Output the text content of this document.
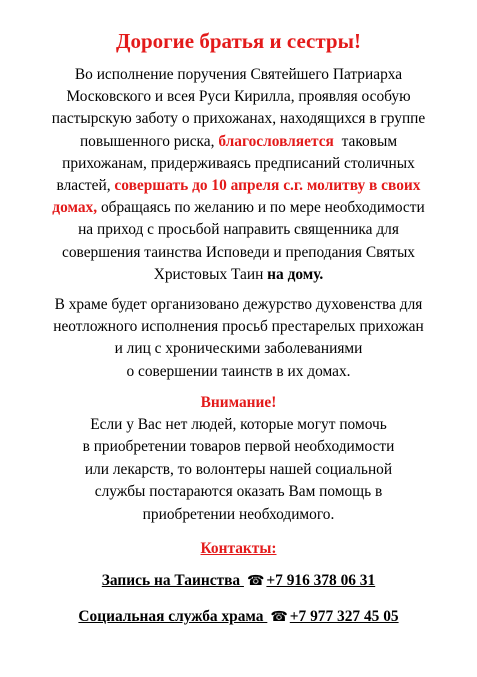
Дорогие братья и сестры!

Во исполнение поручения Святейшего Патриарха
Московского и всея Руси Кирилла, проявляя особую
пастырскую заботу о прихожанах, находящихся в группе
повышенного риска, благословляется  таковым
прихожанам, придерживаясь предписаний столичных
властей, совершать до 10 апреля с.г. молитву в своих
домах, обращаясь по желанию и по мере необходимости
на приход с просьбой направить священника для
совершения таинства Исповеди и преподания Святых
Христовых Таин на дому.

В храме будет организовано дежурство духовенства для
неотложного исполнения просьб престарелых прихожан
и лиц с хроническими заболеваниями
о совершении таинств в их домах.

Внимание!

Если у Вас нет людей, которые могут помочь
в приобретении товаров первой необходимости
или лекарств, то волонтеры нашей социальной
службы постараются оказать Вам помощь в
приобретении необходимого.

Контакты:

Запись на Таинства ☎ +7 916 378 06 31

Социальная служба храма ☎ +7 977 327 45 05
